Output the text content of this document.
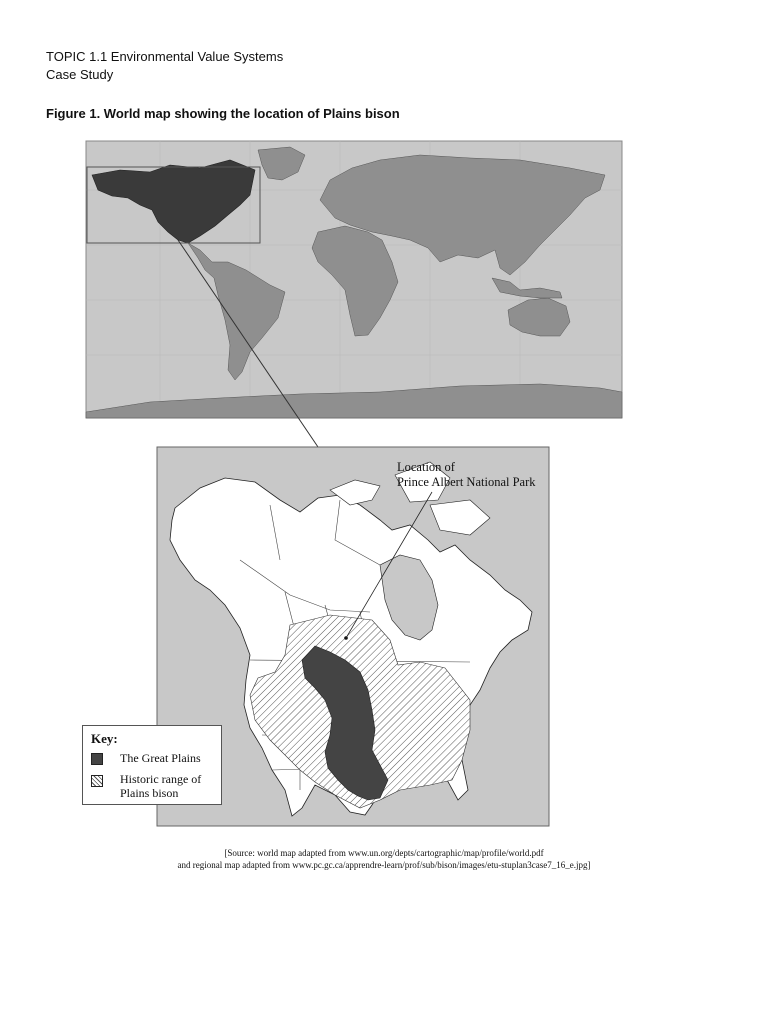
TOPIC 1.1 Environmental Value Systems
Case Study
Figure 1. World map showing the location of Plains bison
Location of
Prince Albert National Park
Key:
The Great Plains
Historic range of Plains bison
[Source: world map adapted from www.un.org/depts/cartographic/map/profile/world.pdf
and regional map adapted from www.pc.gc.ca/apprendre-learn/prof/sub/bison/images/etu-stuplan3case7_16_e.jpg]
